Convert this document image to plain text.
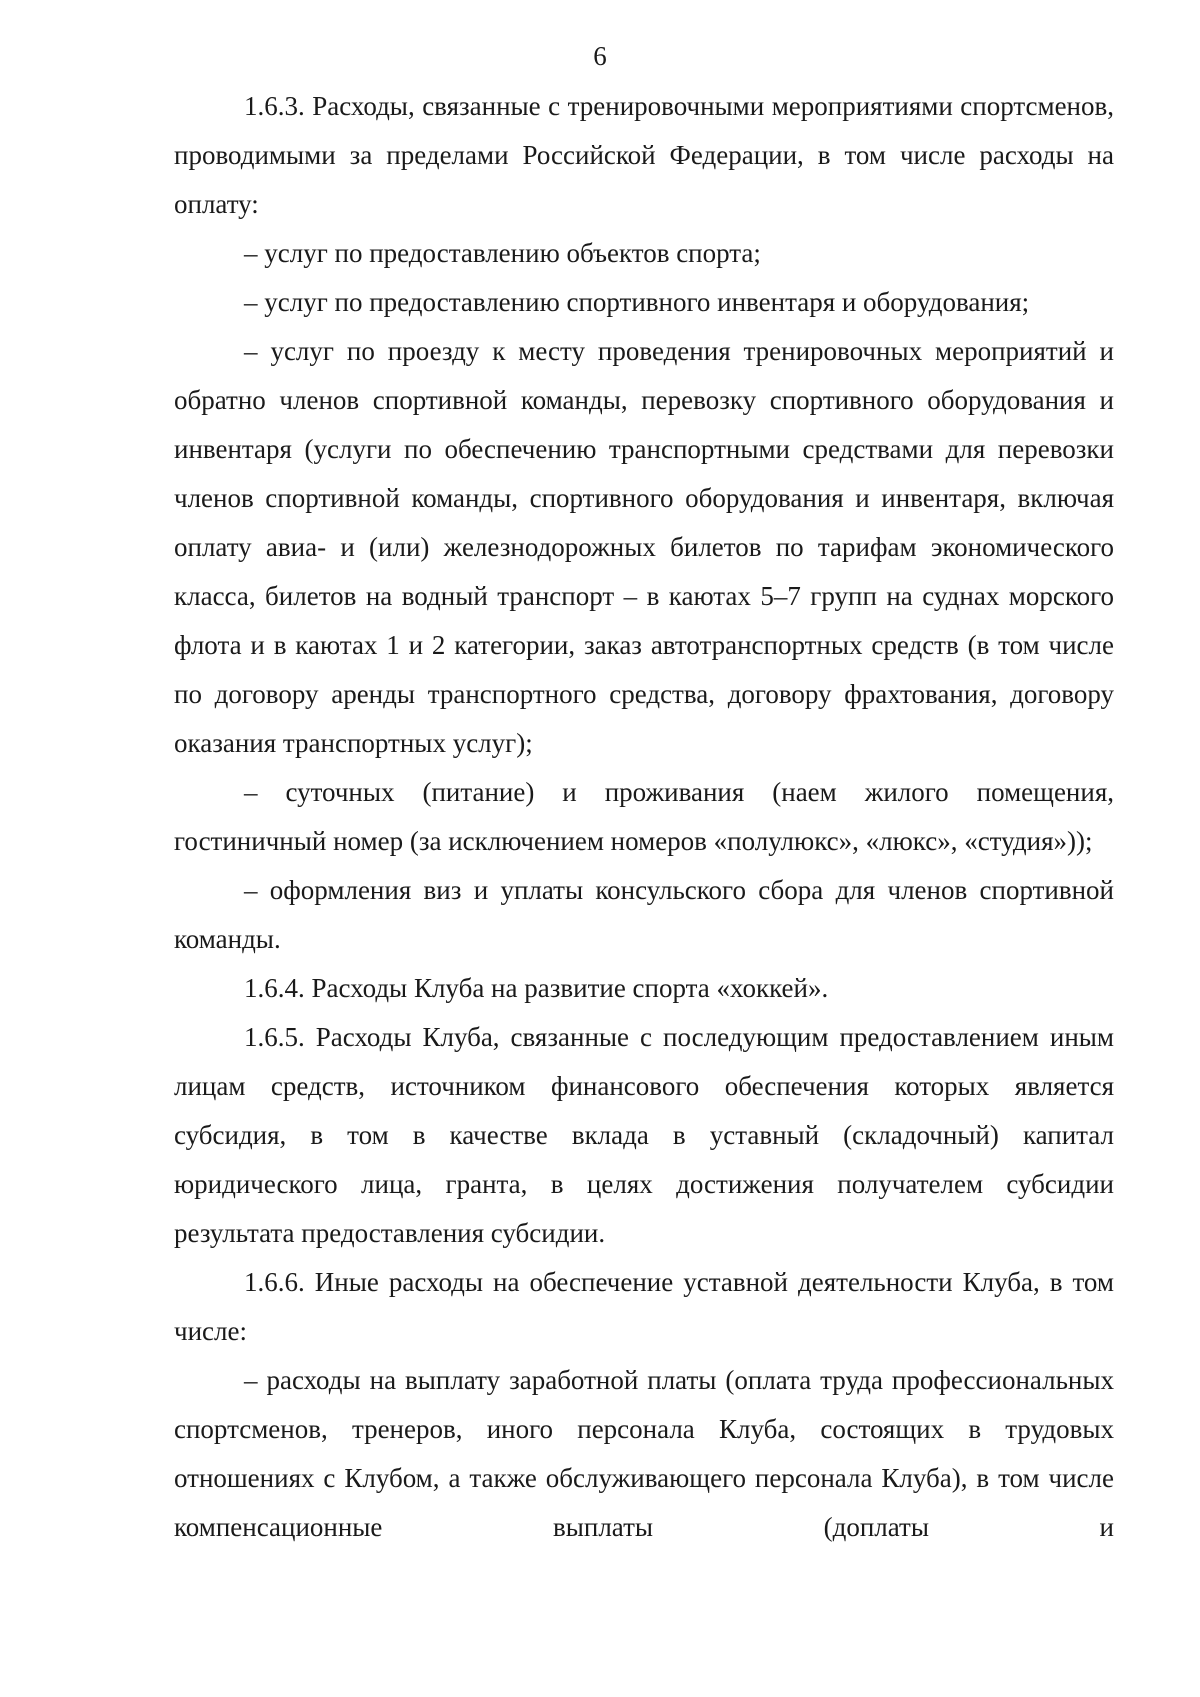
6

1.6.3. Расходы, связанные с тренировочными мероприятиями спортсменов, проводимыми за пределами Российской Федерации, в том числе расходы на оплату:

– услуг по предоставлению объектов спорта;

– услуг по предоставлению спортивного инвентаря и оборудования;

– услуг по проезду к месту проведения тренировочных мероприятий и обратно членов спортивной команды, перевозку спортивного оборудования и инвентаря (услуги по обеспечению транспортными средствами для перевозки членов спортивной команды, спортивного оборудования и инвентаря, включая оплату авиа- и (или) железнодорожных билетов по тарифам экономического класса, билетов на водный транспорт – в каютах 5–7 групп на суднах морского флота и в каютах 1 и 2 категории, заказ автотранспортных средств (в том числе по договору аренды транспортного средства, договору фрахтования, договору оказания транспортных услуг);

– суточных (питание) и проживания (наем жилого помещения, гостиничный номер (за исключением номеров «полулюкс», «люкс», «студия»));

– оформления виз и уплаты консульского сбора для членов спортивной команды.

1.6.4. Расходы Клуба на развитие спорта «хоккей».

1.6.5. Расходы Клуба, связанные с последующим предоставлением иным лицам средств, источником финансового обеспечения которых является субсидия, в том в качестве вклада в уставный (складочный) капитал юридического лица, гранта, в целях достижения получателем субсидии результата предоставления субсидии.

1.6.6. Иные расходы на обеспечение уставной деятельности Клуба, в том числе:

– расходы на выплату заработной платы (оплата труда профессиональных спортсменов, тренеров, иного персонала Клуба, состоящих в трудовых отношениях с Клубом, а также обслуживающего персонала Клуба), в том числе компенсационные выплаты (доплаты и
